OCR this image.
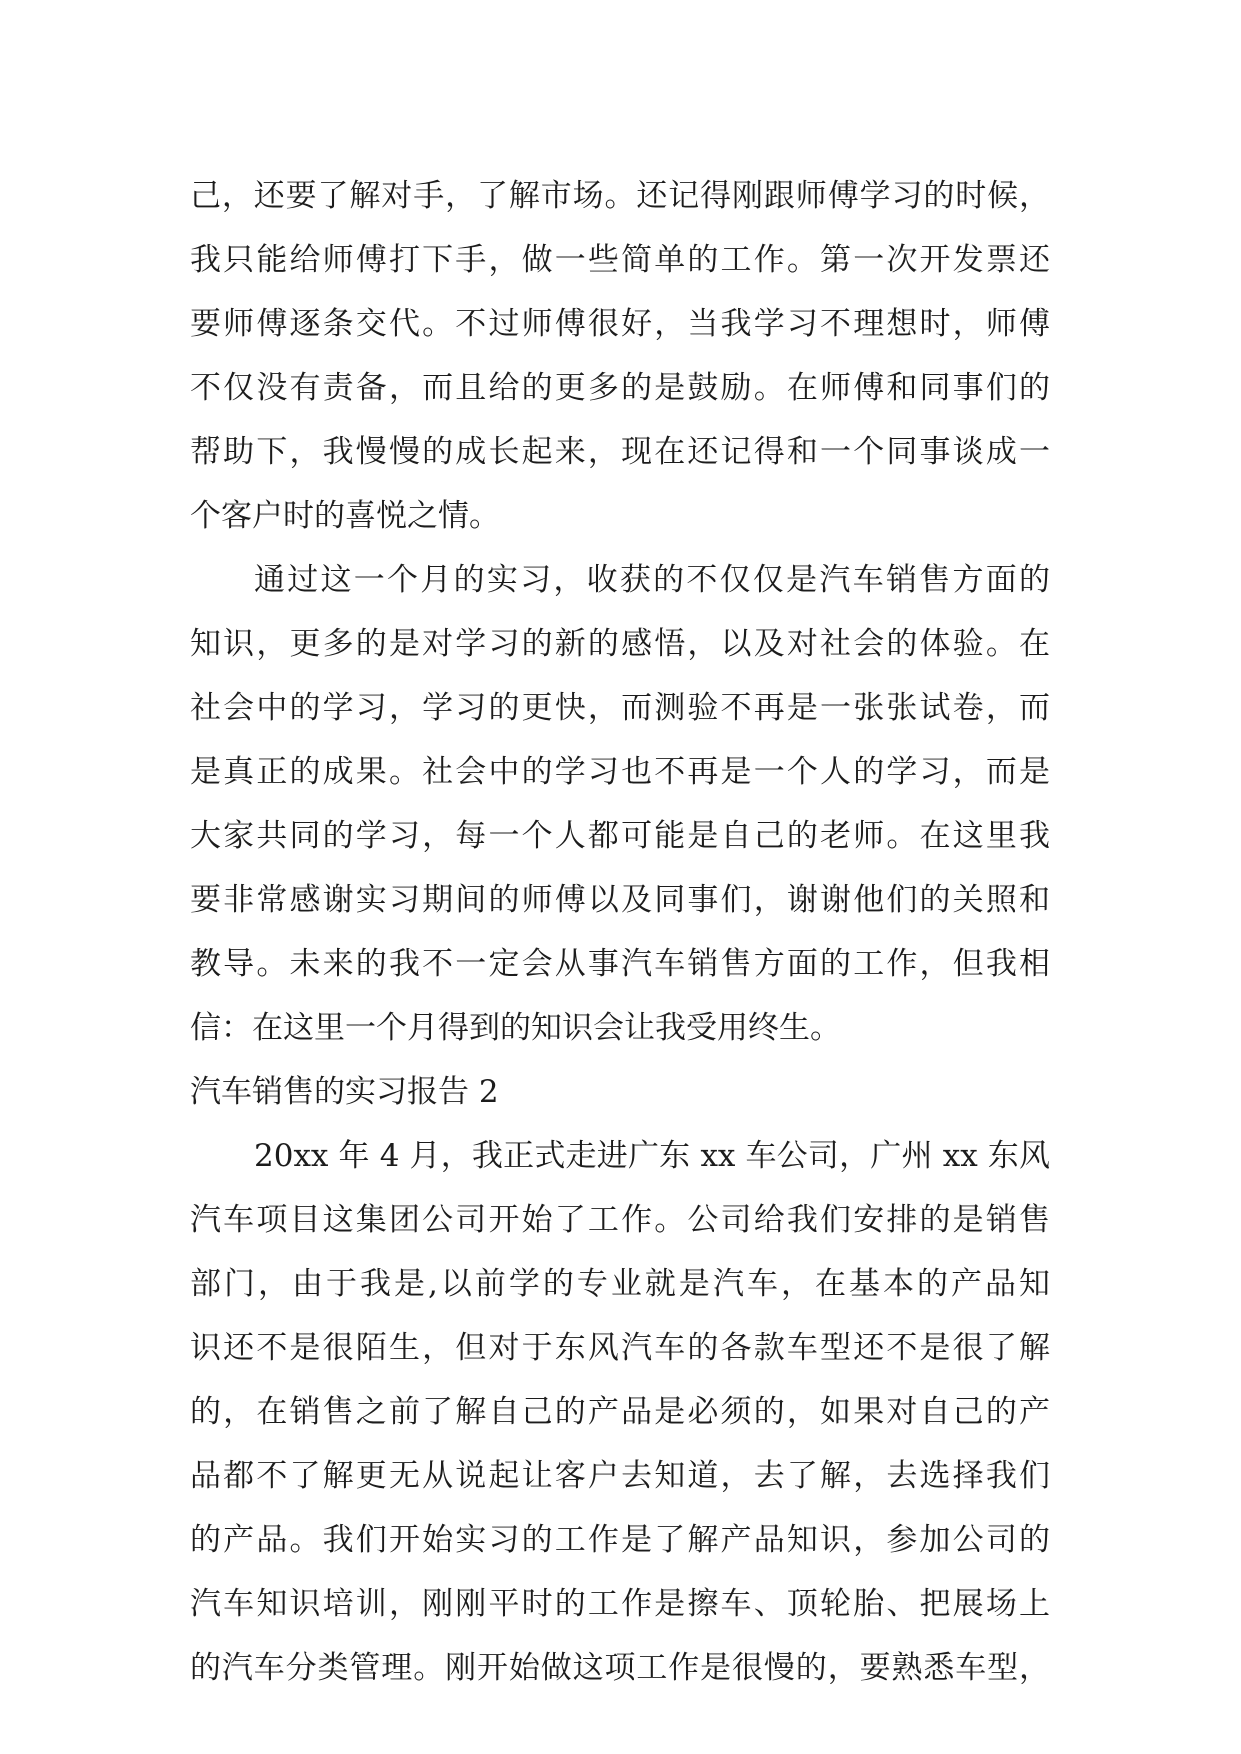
己，还要了解对手，了解市场。还记得刚跟师傅学习的时候，
我只能给师傅打下手，做一些简单的工作。第一次开发票还
要师傅逐条交代。不过师傅很好，当我学习不理想时，师傅
不仅没有责备，而且给的更多的是鼓励。在师傅和同事们的
帮助下，我慢慢的成长起来，现在还记得和一个同事谈成一
个客户时的喜悦之情。
通过这一个月的实习，收获的不仅仅是汽车销售方面的
知识，更多的是对学习的新的感悟，以及对社会的体验。在
社会中的学习，学习的更快，而测验不再是一张张试卷，而
是真正的成果。社会中的学习也不再是一个人的学习，而是
大家共同的学习，每一个人都可能是自己的老师。在这里我
要非常感谢实习期间的师傅以及同事们，谢谢他们的关照和
教导。未来的我不一定会从事汽车销售方面的工作，但我相
信：在这里一个月得到的知识会让我受用终生。
汽车销售的实习报告 2
20xx 年 4 月，我正式走进广东 xx 车公司，广州 xx 东风
汽车项目这集团公司开始了工作。公司给我们安排的是销售
部门，由于我是,以前学的专业就是汽车，在基本的产品知
识还不是很陌生，但对于东风汽车的各款车型还不是很了解
的，在销售之前了解自己的产品是必须的，如果对自己的产
品都不了解更无从说起让客户去知道，去了解，去选择我们
的产品。我们开始实习的工作是了解产品知识，参加公司的
汽车知识培训，刚刚平时的工作是擦车、顶轮胎、把展场上
的汽车分类管理。刚开始做这项工作是很慢的，要熟悉车型，
